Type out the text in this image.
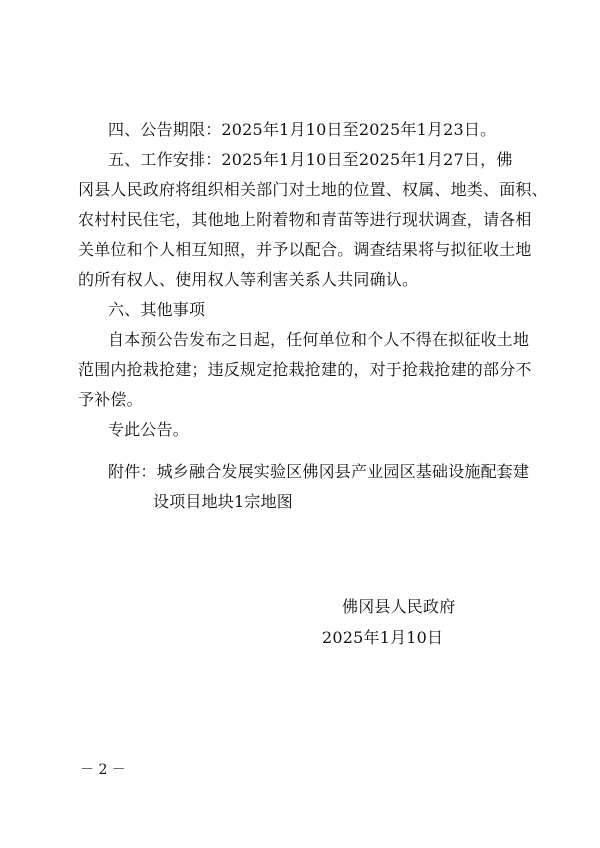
四、公告期限：2025年1月10日至2025年1月23日。
五、工作安排：2025年1月10日至2025年1月27日，佛
冈县人民政府将组织相关部门对土地的位置、权属、地类、面积、
农村村民住宅，其他地上附着物和青苗等进行现状调查，请各相
关单位和个人相互知照，并予以配合。调查结果将与拟征收土地
的所有权人、使用权人等利害关系人共同确认。
六、其他事项
自本预公告发布之日起，任何单位和个人不得在拟征收土地
范围内抢栽抢建；违反规定抢栽抢建的，对于抢栽抢建的部分不
予补偿。
专此公告。
附件：城乡融合发展实验区佛冈县产业园区基础设施配套建
设项目地块1宗地图
佛冈县人民政府
2025年1月10日
－ 2 －
